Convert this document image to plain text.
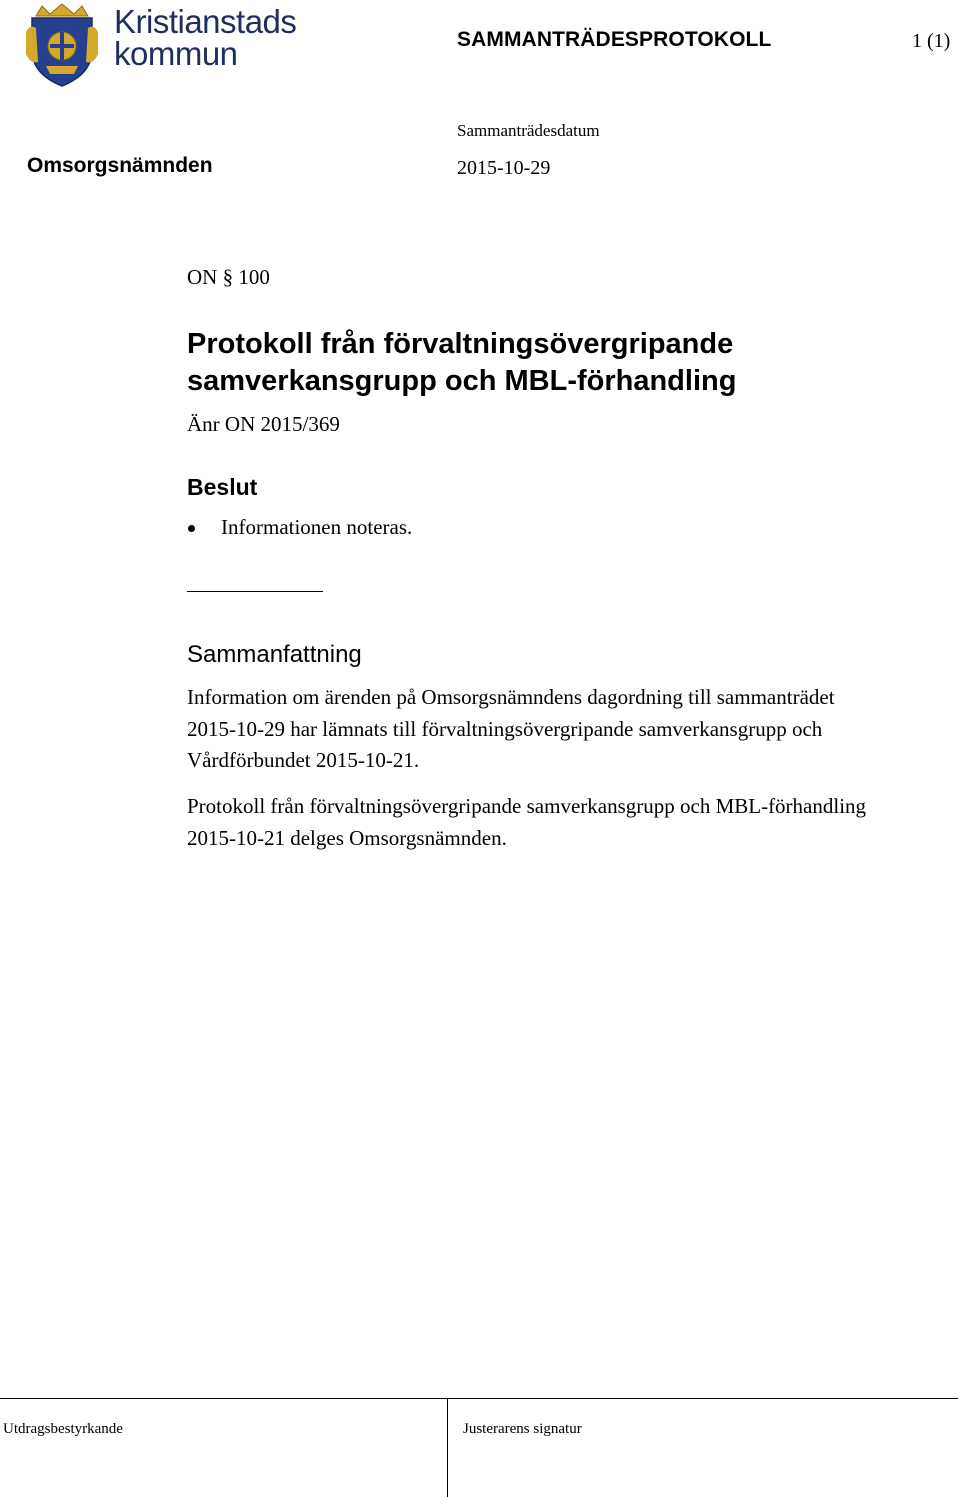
Kristianstads
kommun	SAMMANTRÄDESPROTOKOLL	1 (1)
Sammanträdesdatum
2015-10-29
Omsorgsnämnden
ON § 100
Protokoll från förvaltningsövergripande samverkansgrupp och MBL-förhandling
Änr ON 2015/369
Beslut
Informationen noteras.
Sammanfattning
Information om ärenden på Omsorgsnämndens dagordning till sammanträdet 2015-10-29 har lämnats till förvaltningsövergripande samverkansgrupp och Vårdförbundet 2015-10-21.
Protokoll från förvaltningsövergripande samverkansgrupp och MBL-förhandling 2015-10-21 delges Omsorgsnämnden.
Utdragsbestyrkande	Justerarens signatur
